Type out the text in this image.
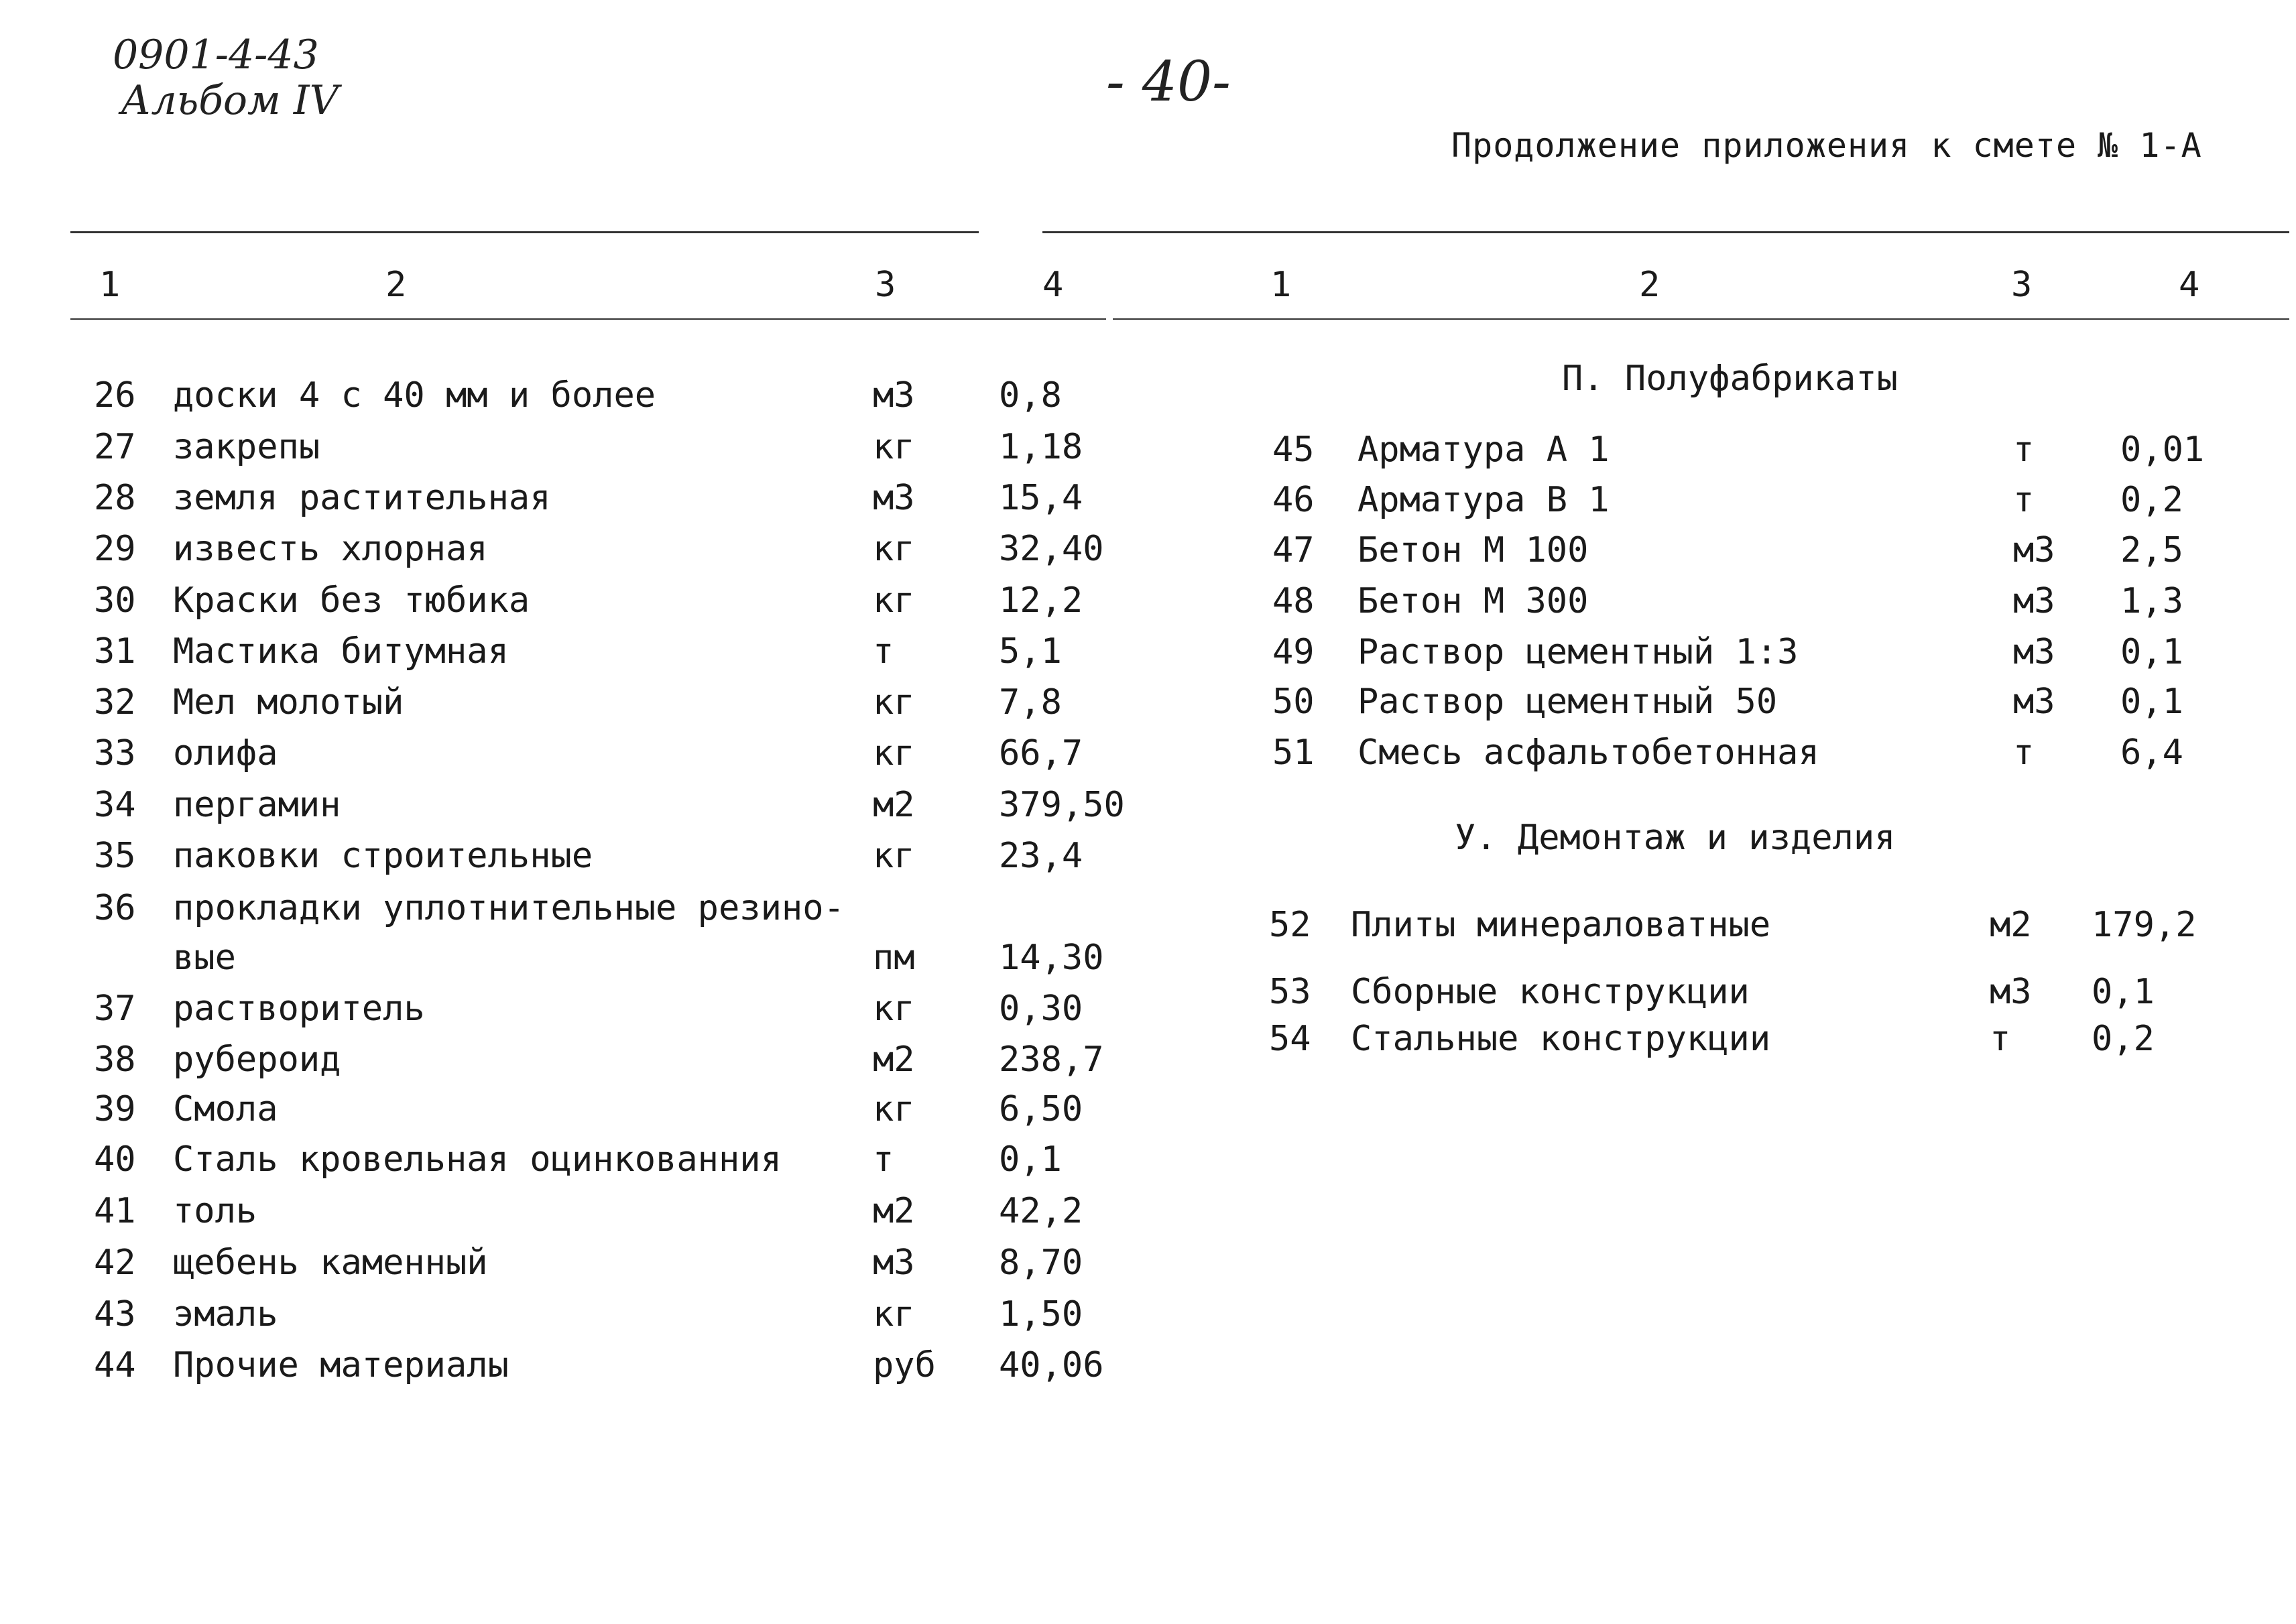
0901-4-43
Альбом IV	- 40-
Продолжение приложения к смете № 1-А
1	2	3	4	1	2	3	4
26 доски 4 с 40 мм и более	м3 0,8
27 закрепы	кг 1,18
28 земля растительная	м3 15,4
29 известь хлорная	кг 32,40
30 Краски без тюбика	кг 12,2
31 Мастика битумная	т	5,1
32 Мел молотый	кг 7,8
33 олифа	кг 66,7
34 пергамин	м2 379,50
35 паковки строительные	кг 23,4
36 прокладки уплотнительные резино-
вые	пм 14,30
37 растворитель	кг 0,30
38 рубероид	м2 238,7
39 Смола	кг 6,50
40 Сталь кровельная оцинкованния	т	0,1
41 толь	м2 42,2
42 щебень каменный	м3 8,70
43 эмаль	кг 1,50
44 Прочие материалы	руб 40,06
П. Полуфабрикаты
45 Арматура А 1	т 0,01
46 Арматура В 1	т 0,2
47 Бетон М 100	м3 2,5
48 Бетон М 300	м3 1,3
49 Раствор цементный 1:3	м3 0,1
50 Раствор цементный 50	м3 0,1
51 Смесь асфальтобетонная	т 6,4
У. Демонтаж и изделия
52 Плиты минераловатные	м2 179,2
53 Сборные конструкции	м3 0,1
54 Стальные конструкции	т 0,2
